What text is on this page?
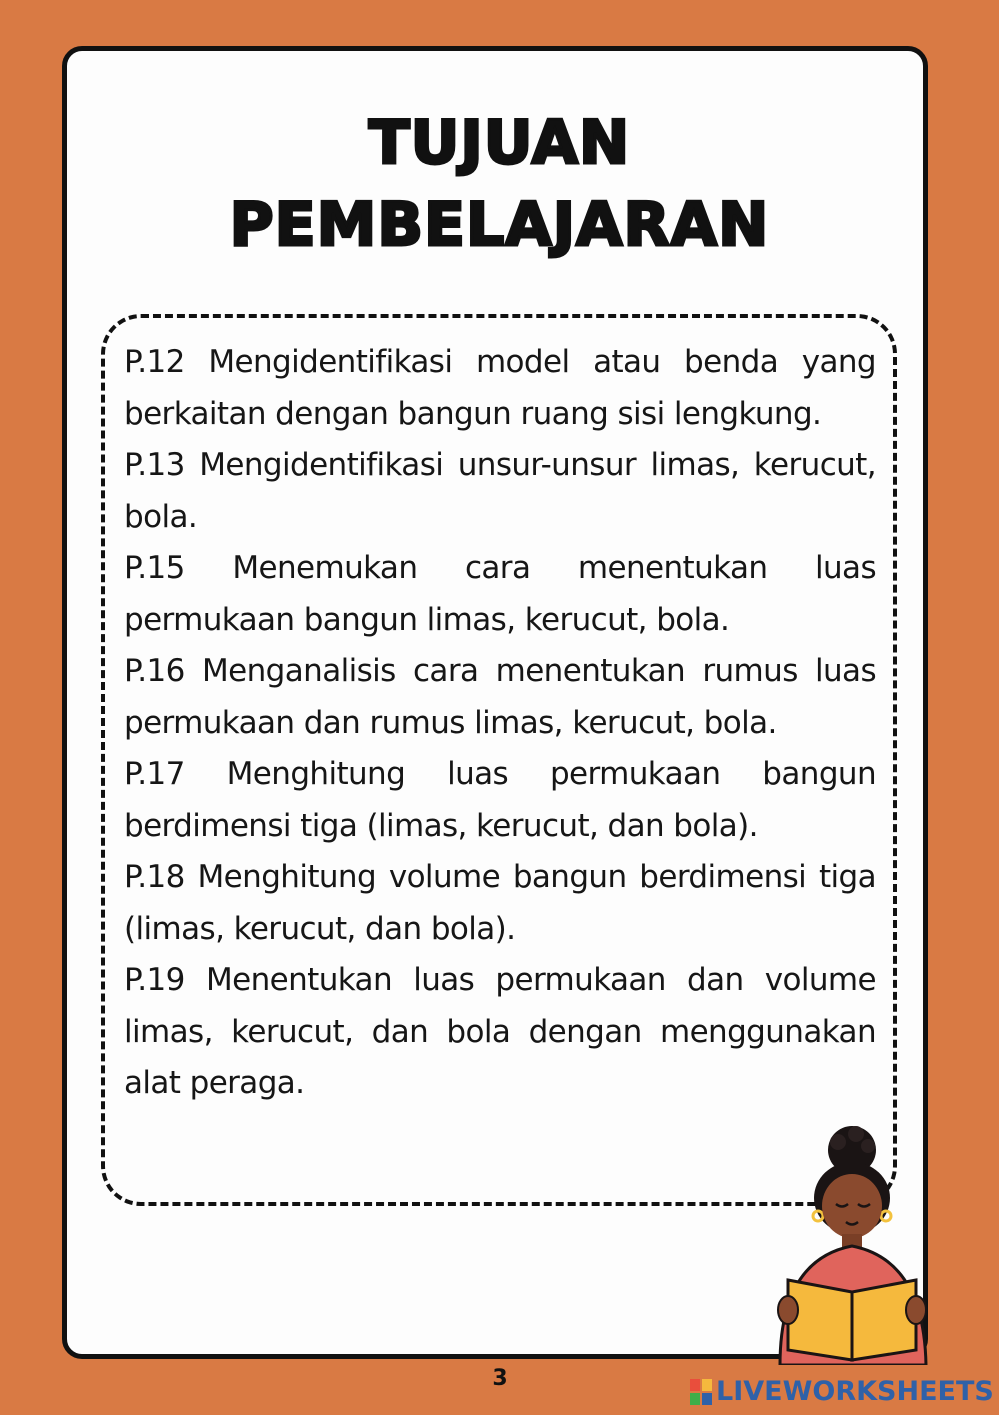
TUJUAN
PEMBELAJARAN
P.12 Mengidentifikasi model atau benda yang berkaitan dengan bangun ruang sisi lengkung.
P.13 Mengidentifikasi unsur-unsur limas, kerucut, bola.
P.15 Menemukan cara menentukan luas permukaan bangun limas, kerucut, bola.
P.16 Menganalisis cara menentukan rumus luas permukaan dan rumus limas, kerucut, bola.
P.17 Menghitung luas permukaan bangun berdimensi tiga (limas, kerucut, dan bola).
P.18 Menghitung volume bangun berdimensi tiga (limas, kerucut, dan bola).
P.19 Menentukan luas permukaan dan volume limas, kerucut, dan bola dengan menggunakan alat peraga.
3	LIVEWORKSHEETS
